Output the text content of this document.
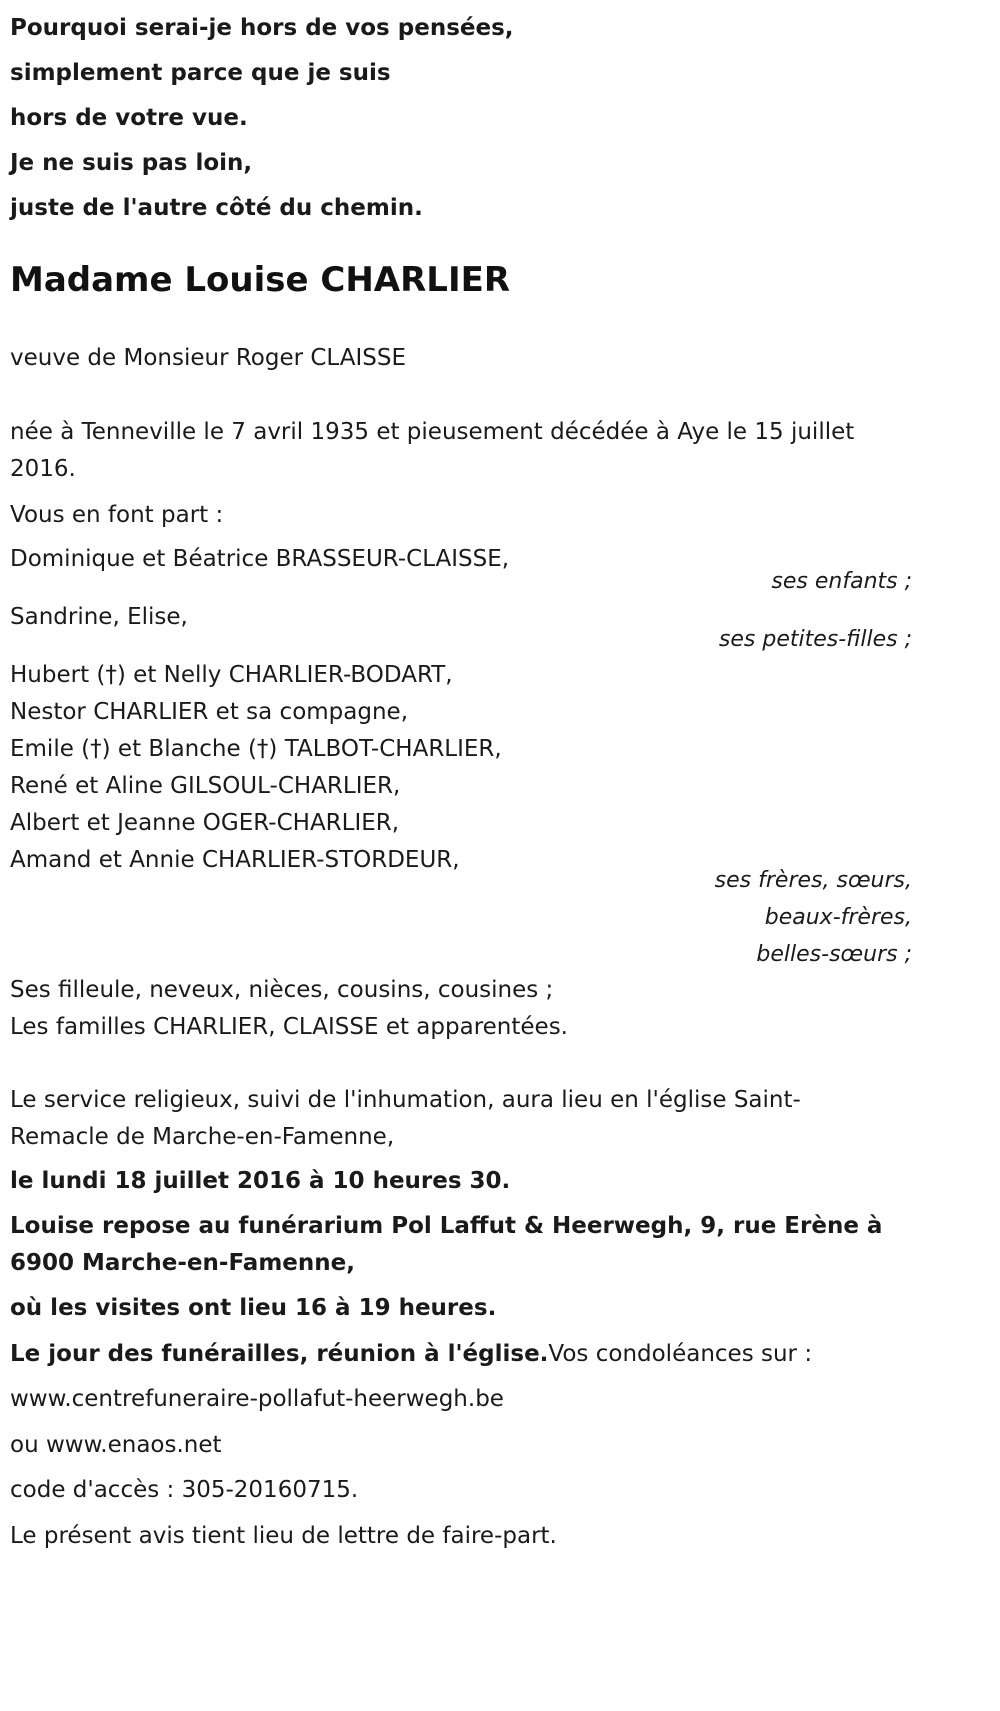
Pourquoi serai-je hors de vos pensées,

simplement parce que je suis

hors de votre vue.

Je ne suis pas loin,

juste de l'autre côté du chemin.

Madame Louise CHARLIER

veuve de Monsieur Roger CLAISSE

née à Tenneville le 7 avril 1935 et pieusement décédée à Aye le 15 juillet 2016.

Vous en font part :

Dominique et Béatrice BRASSEUR-CLAISSE,

ses enfants ;

Sandrine, Elise,

ses petites-filles ;

Hubert (†) et Nelly CHARLIER-BODART,
Nestor CHARLIER et sa compagne,
Emile (†) et Blanche (†) TALBOT-CHARLIER,
René et Aline GILSOUL-CHARLIER,
Albert et Jeanne OGER-CHARLIER,
Amand et Annie CHARLIER-STORDEUR,
ses frères, sœurs,
beaux-frères,
belles-sœurs ;
Ses filleule, neveux, nièces, cousins, cousines ;
Les familles CHARLIER, CLAISSE et apparentées.

Le service religieux, suivi de l'inhumation, aura lieu en l'église Saint-Remacle de Marche-en-Famenne,

le lundi 18 juillet 2016 à 10 heures 30.

Louise repose au funérarium Pol Laffut & Heerwegh, 9, rue Erène à 6900 Marche-en-Famenne,

où les visites ont lieu 16 à 19 heures.

Le jour des funérailles, réunion à l'église.Vos condoléances sur :

www.centrefuneraire-pollafut-heerwegh.be

ou www.enaos.net

code d'accès : 305-20160715.

Le présent avis tient lieu de lettre de faire-part.
